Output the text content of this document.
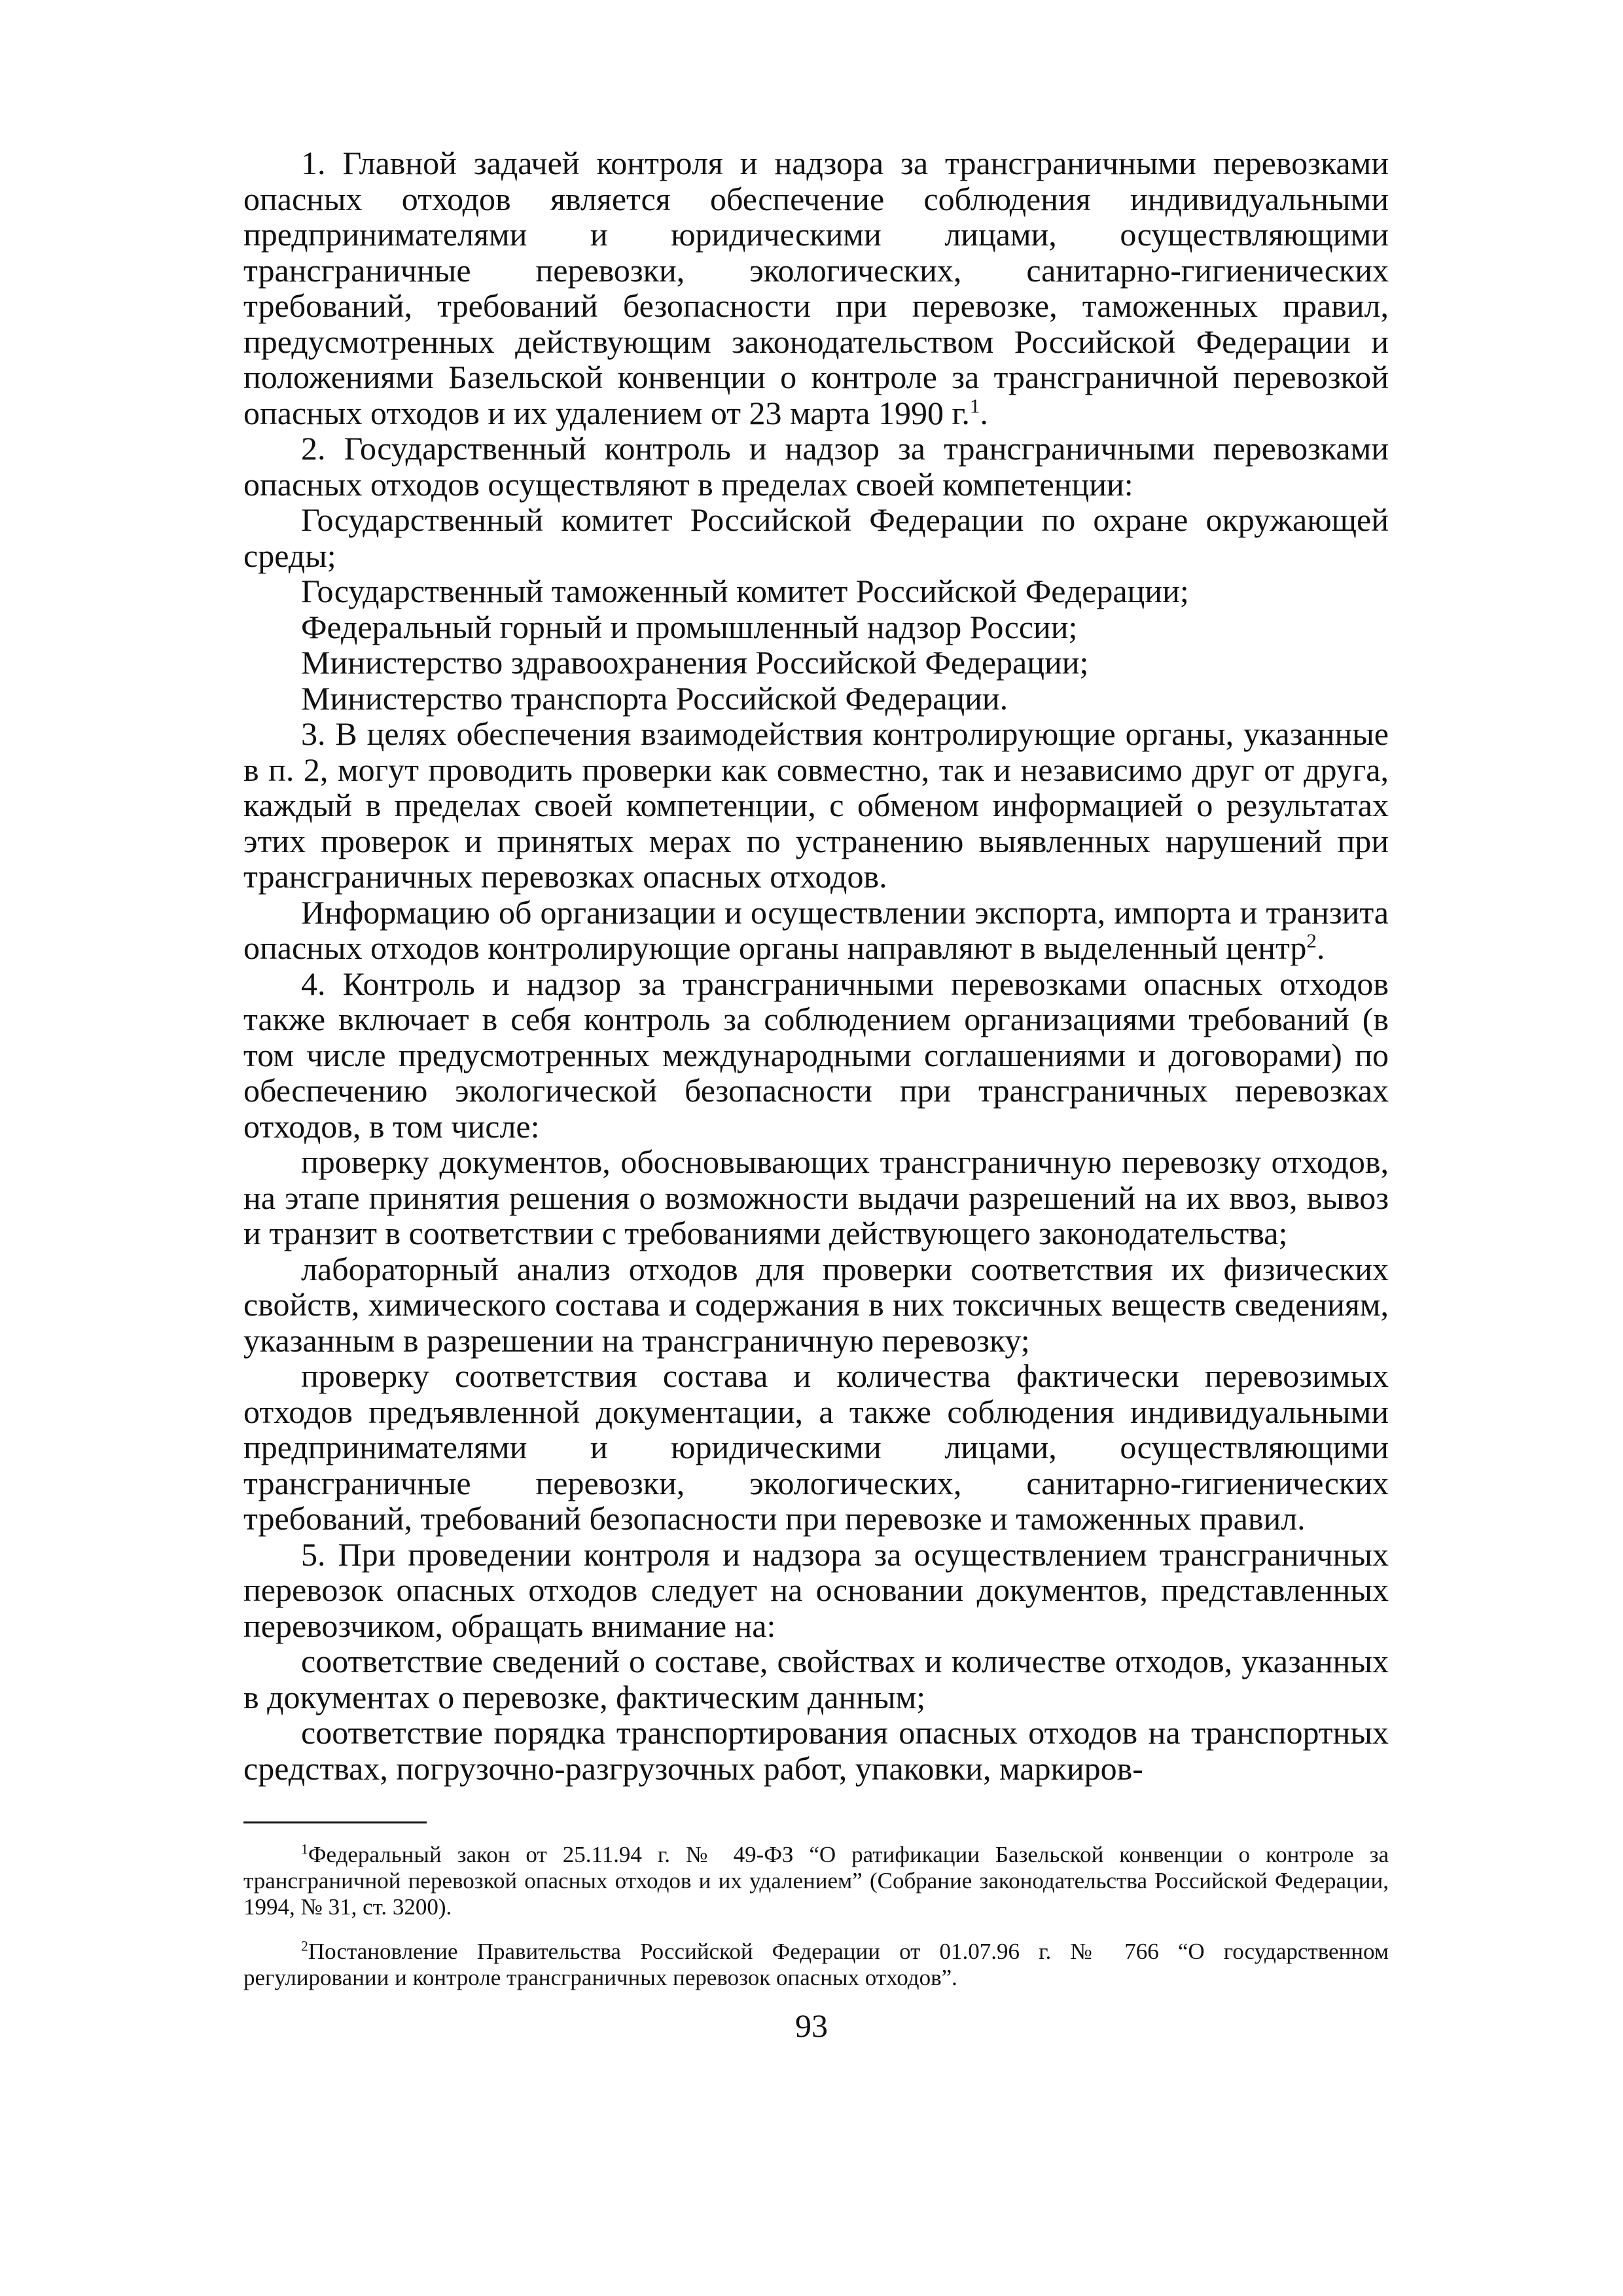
1. Главной задачей контроля и надзора за трансграничными перевозками опасных отходов является обеспечение соблюдения индивидуальными предпринимателями и юридическими лицами, осуществляющими трансграничные перевозки, экологических, санитарно-гигиенических требований, требований безопасности при перевозке, таможенных правил, предусмотренных действующим законодательством Российской Федерации и положениями Базельской конвенции о контроле за трансграничной перевозкой опасных отходов и их удалением от 23 марта 1990 г.$^1$.

2. Государственный контроль и надзор за трансграничными перевозками опасных отходов осуществляют в пределах своей компетенции:

Государственный комитет Российской Федерации по охране окружающей среды;

Государственный таможенный комитет Российской Федерации;

Федеральный горный и промышленный надзор России;

Министерство здравоохранения Российской Федерации;

Министерство транспорта Российской Федерации.

3. В целях обеспечения взаимодействия контролирующие органы, указанные в п. 2, могут проводить проверки как совместно, так и независимо друг от друга, каждый в пределах своей компетенции, с обменом информацией о результатах этих проверок и принятых мерах по устранению выявленных нарушений при трансграничных перевозках опасных отходов.

Информацию об организации и осуществлении экспорта, импорта и транзита опасных отходов контролирующие органы направляют в выделенный центр$^2$.

4. Контроль и надзор за трансграничными перевозками опасных отходов также включает в себя контроль за соблюдением организациями требований (в том числе предусмотренных международными соглашениями и договорами) по обеспечению экологической безопасности при трансграничных перевозках отходов, в том числе:

проверку документов, обосновывающих трансграничную перевозку отходов, на этапе принятия решения о возможности выдачи разрешений на их ввоз, вывоз и транзит в соответствии с требованиями действующего законодательства;

лабораторный анализ отходов для проверки соответствия их физических свойств, химического состава и содержания в них токсичных веществ сведениям, указанным в разрешении на трансграничную перевозку;

проверку соответствия состава и количества фактически перевозимых отходов предъявленной документации, а также соблюдения индивидуальными предпринимателями и юридическими лицами, осуществляющими трансграничные перевозки, экологических, санитарно-гигиенических требований, требований безопасности при перевозке и таможенных правил.

5. При проведении контроля и надзора за осуществлением трансграничных перевозок опасных отходов следует на основании документов, представленных перевозчиком, обращать внимание на:

соответствие сведений о составе, свойствах и количестве отходов, указанных в документах о перевозке, фактическим данным;

соответствие порядка транспортирования опасных отходов на транспортных средствах, погрузочно-разгрузочных работ, упаковки, маркиров-

$^1$Федеральный закон от 25.11.94 г. № 49-ФЗ “О ратификации Базельской конвенции о контроле за трансграничной перевозкой опасных отходов и их удалением” (Собрание законодательства Российской Федерации, 1994, № 31, ст. 3200).

$^2$Постановление Правительства Российской Федерации от 01.07.96 г. № 766 “О государственном регулировании и контроле трансграничных перевозок опасных отходов”.

93
